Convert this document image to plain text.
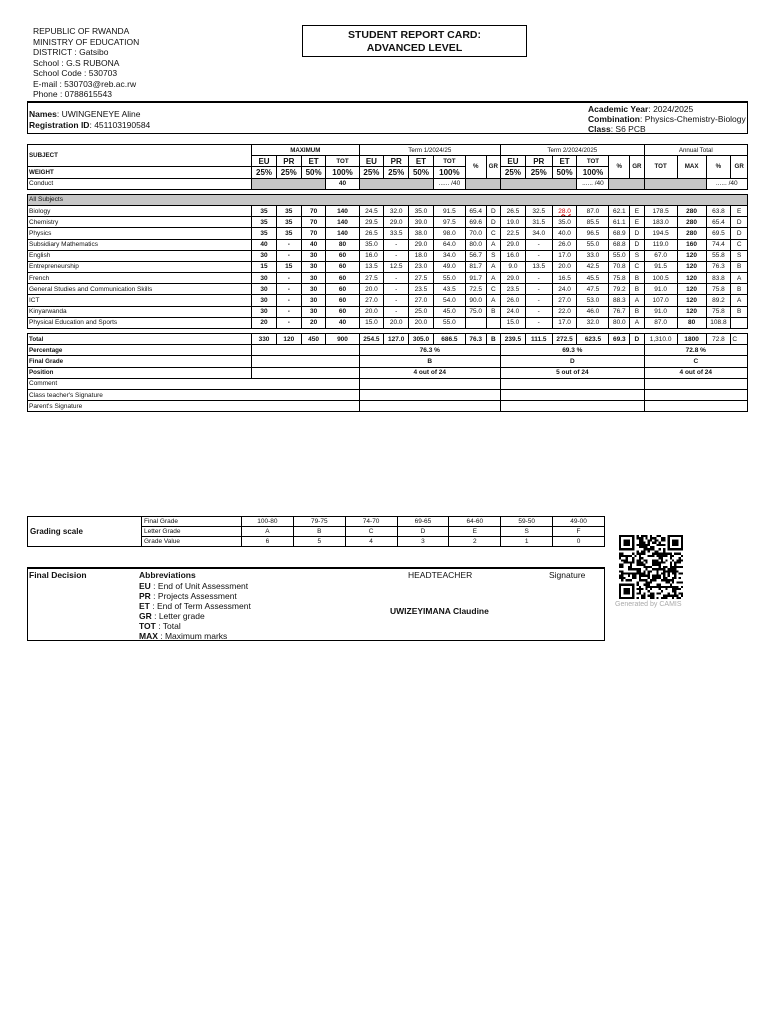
REPUBLIC OF RWANDA
MINISTRY OF EDUCATION
DISTRICT : Gatsibo
School : G.S RUBONA
School Code : 530703
E-mail : 530703@reb.ac.rw
Phone : 0788615543
STUDENT REPORT CARD:
ADVANCED LEVEL
Names: UWINGENEYE Aline
Registration ID: 451103190584
Academic Year: 2024/2025
Combination: Physics-Chemistry-Biology
Class: S6 PCB
SUBJECT	MAXIMUM				Term 1/2024/25						Term 2/2024/2025						Annual Total			
	EU	PR	ET	TOT	EU	PR	ET	TOT	%	GR	EU	PR	ET	TOT	%	GR	TOT	MAX	%	GR
WEIGHT	25%	25%	50%	100%	25%	25%	50%	100%			25%	25%	50%	100%						
Conduct				40				...... /40						...... /40					...... /40	

All Subjects																				
Biology	35	35	70	140	24.5	32.0	35.0	91.5	65.4	D	26.5	32.5	28.0	87.0	62.1	E	178.5	280	63.8	E
Chemistry	35	35	70	140	29.5	29.0	39.0	97.5	69.6	D	19.0	31.5	35.0	85.5	61.1	E	183.0	280	65.4	D
Physics	35	35	70	140	26.5	33.5	38.0	98.0	70.0	C	22.5	34.0	40.0	96.5	68.9	D	194.5	280	69.5	D
Subsidiary Mathematics	40	-	40	80	35.0	-	29.0	64.0	80.0	A	29.0	-	26.0	55.0	68.8	D	119.0	160	74.4	C
English	30	-	30	60	16.0	-	18.0	34.0	56.7	S	16.0	-	17.0	33.0	55.0	S	67.0	120	55.8	S
Entrepreneurship	15	15	30	60	13.5	12.5	23.0	49.0	81.7	A	9.0	13.5	20.0	42.5	70.8	C	91.5	120	76.3	B
French	30	-	30	60	27.5	-	27.5	55.0	91.7	A	29.0	-	16.5	45.5	75.8	B	100.5	120	83.8	A
General Studies and Communication Skills	30	-	30	60	20.0	-	23.5	43.5	72.5	C	23.5	-	24.0	47.5	79.2	B	91.0	120	75.8	B
ICT	30	-	30	60	27.0	-	27.0	54.0	90.0	A	26.0	-	27.0	53.0	88.3	A	107.0	120	89.2	A
Kinyarwanda	30	-	30	60	20.0	-	25.0	45.0	75.0	B	24.0	-	22.0	46.0	76.7	B	91.0	120	75.8	B
Physical Education and Sports	20	-	20	40	15.0	20.0	20.0	55.0			15.0	-	17.0	32.0	80.0	A	87.0	80	108.8	

Total	330	120	450	900	254.5	127.0	305.0	686.5	76.3	B	239.5	111.5	272.5	623.5	69.3	D	1,310.0	1800	72.8	C
Percentage					76.3 %						69.3 %						72.8 %			
Final Grade					B						D						C			
Position					4 out of 24						5 out of 24						4 out of 24			
Comment																				
Class teacher's Signature																				
Parent's Signature																				
Grading scale	Final Grade	100-80	79-75	74-70	69-65	64-60	59-50	49-00
	Letter Grade	A	B	C	D	E	S	F
	Grade Value	6	5	4	3	2	1	0
Final Decision	Abbreviations
EU : End of Unit Assessment
PR : Projects Assessment
ET : End of Term Assessment
GR : Letter grade
TOT : Total
MAX : Maximum marks
HEADTEACHER	Signature
UWIZEYIMANA Claudine
Generated by CAMIS
